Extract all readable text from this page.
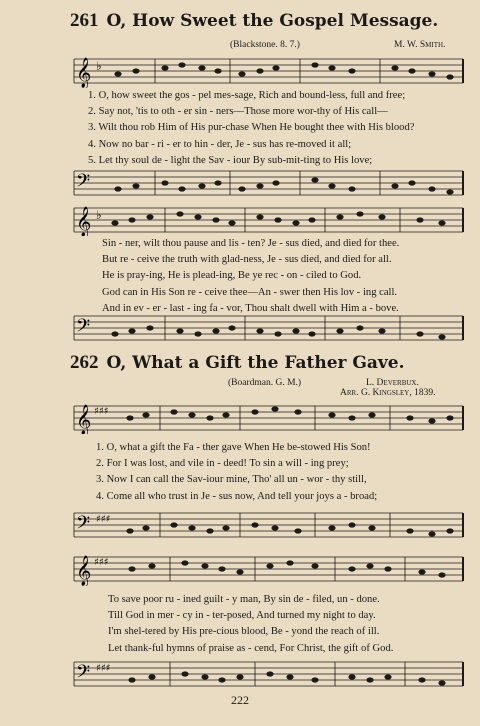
261 O, How Sweet the Gospel Message.
(Blackstone. 8. 7.)	M. W. Smith.
𝄞 ♭
1. O, how sweet the gos - pel mes-sage, Rich and bound-less, full and free;
2. Say not, 'tis to oth - er sin - ners—Those more wor-thy of His call—
3. Wilt thou rob Him of His pur-chase When He bought thee with His blood?
4. Now no bar - ri - er to hin - der, Je - sus has re-moved it all;
5. Let thy soul de - light the Sav - iour By sub-mit-ting to His love;
𝄢
𝄞 ♭
Sin - ner, wilt thou pause and lis - ten? Je - sus died, and died for thee.
But re - ceive the truth with glad-ness, Je - sus died, and died for all.
He is pray-ing, He is plead-ing, Be ye rec - on - ciled to God.
God can in His Son re - ceive thee—An - swer then His lov - ing call.
And in ev - er - last - ing fa - vor, Thou shalt dwell with Him a - bove.
𝄢
262 O, What a Gift the Father Gave.
(Boardman. G. M.)	L. Deverbux.
Arr. G. Kingsley, 1839.
𝄞 ♯♯♯
1. O, what a gift the Fa - ther gave When He be-stowed His Son!
2. For I was lost, and vile in - deed! To sin a will - ing prey;
3. Now I can call the Sav-iour mine, Tho' all un - wor - thy still,
4. Come all who trust in Je - sus now, And tell your joys a - broad;
𝄢 ♯♯♯
𝄞 ♯♯♯
To save poor ru - ined guilt - y man, By sin de - filed, un - done.
Till God in mer - cy in - ter-posed, And turned my night to day.
I'm shel-tered by His pre-cious blood, Be - yond the reach of ill.
Let thank-ful hymns of praise as - cend, For Christ, the gift of God.
𝄢 ♯♯♯
222
